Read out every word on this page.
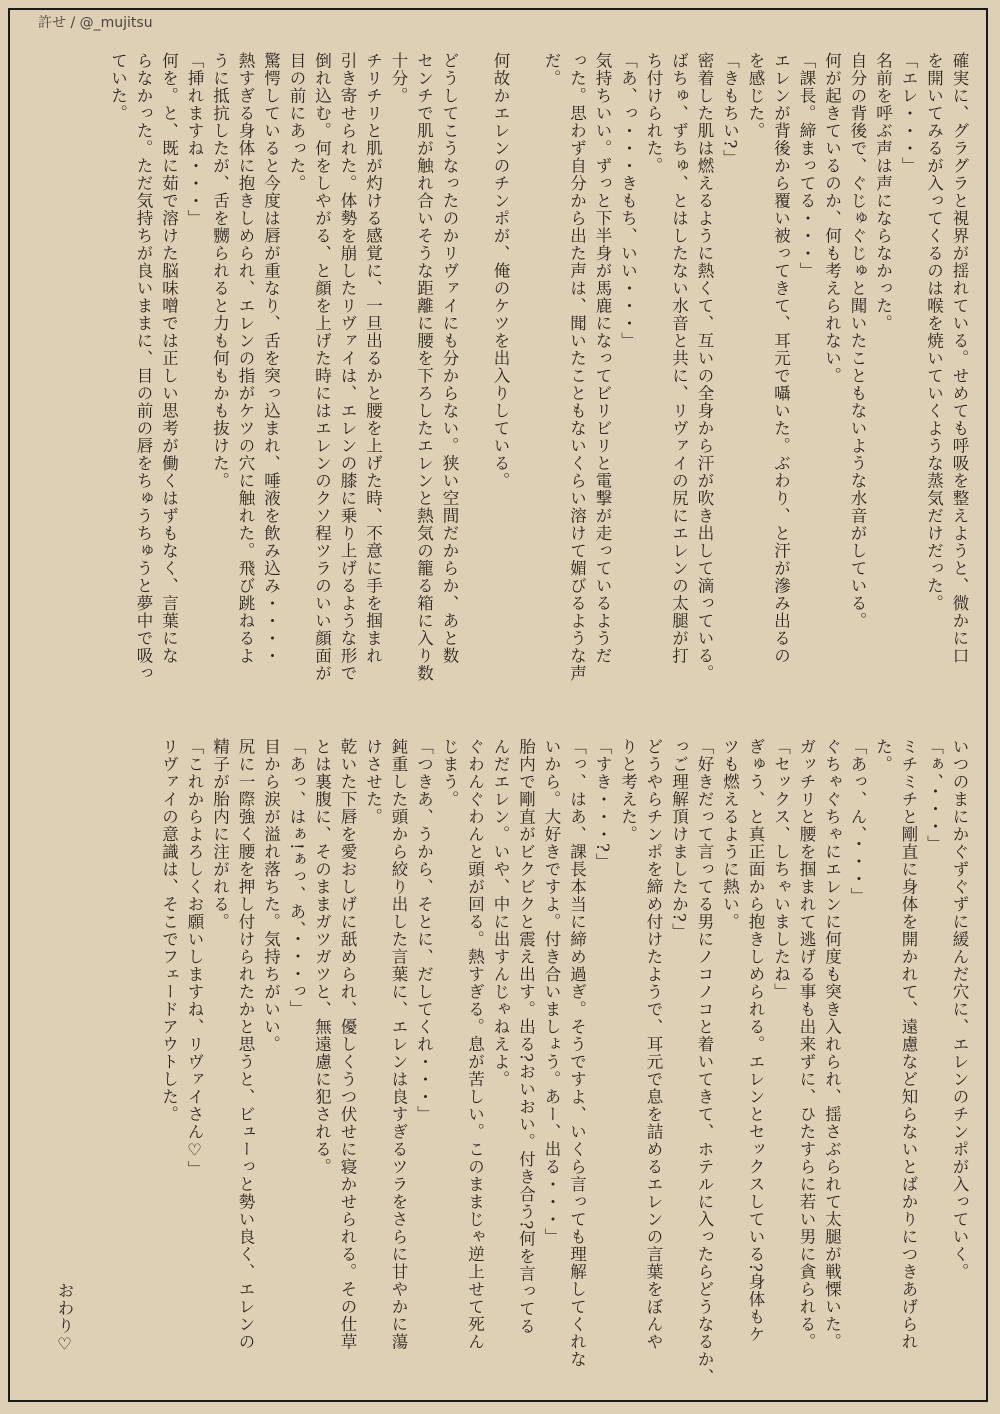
許せ / @_mujitsu

確実に、グラグラと視界が揺れている。せめても呼吸を整えようと、微かに口

を開いてみるが入ってくるのは喉を焼いていくような蒸気だけだった。

「エレ・・・」

名前を呼ぶ声は声にならなかった。

自分の背後で、ぐじゅぐじゅと聞いたこともないような水音がしている。

何が起きているのか、何も考えられない。

「課長。締まってる・・・」

エレンが背後から覆い被ってきて、耳元で囁いた。ぶわり、と汗が滲み出るの

を感じた。

「きもちい?」

密着した肌は燃えるように熱くて、互いの全身から汗が吹き出して滴っている。

ばちゅ、ずちゅ、とはしたない水音と共に、リヴァイの尻にエレンの太腿が打

ち付けられた。

「あ、っ・・・きもち、いい・・・」

気持ちいい。ずっと下半身が馬鹿になってビリビリと電撃が走っているようだ

った。思わず自分から出た声は、聞いたこともないくらい溶けて媚びるような声

だ。

何故かエレンのチンポが、俺のケツを出入りしている。

どうしてこうなったのかリヴァイにも分からない。狭い空間だからか、あと数

センチで肌が触れ合いそうな距離に腰を下ろしたエレンと熱気の籠る箱に入り数

十分。

チリチリと肌が灼ける感覚に、一旦出るかと腰を上げた時、不意に手を掴まれ

引き寄せられた。体勢を崩したリヴァイは、エレンの膝に乗り上げるような形で

倒れ込む。何をしやがる、と顔を上げた時にはエレンのクソ程ツラのいい顔面が

目の前にあった。

驚愕していると今度は唇が重なり、舌を突っ込まれ、唾液を飲み込み・・・・

熱すぎる身体に抱きしめられ、エレンの指がケツの穴に触れた。飛び跳ねるよ

うに抵抗したが、舌を嬲られると力も何もかも抜けた。

「挿れますね・・・」

何を。と、既に茹で溶けた脳味噌では正しい思考が働くはずもなく、言葉にな

らなかった。ただ気持ちが良いままに、目の前の唇をちゅうちゅうと夢中で吸っ

ていた。

いつのまにかぐずぐずに緩んだ穴に、エレンのチンポが入っていく。

「ぁ、・・・」

ミチミチと剛直に身体を開かれて、遠慮など知らないとばかりにつきあげられ

た。

「あっ、ん、・・・」

ぐちゃぐちゃにエレンに何度も突き入れられ、揺さぶられて太腿が戦慄いた。

ガッチリと腰を掴まれて逃げる事も出来ずに、ひたすらに若い男に貪られる。

「セックス、しちゃいましたね」

ぎゅう、と真正面から抱きしめられる。エレンとセックスしている?身体もケ

ツも燃えるように熱い。

「好きだって言ってる男にノコノコと着いてきて、ホテルに入ったらどうなるか、

っご理解頂けましたか?」

どうやらチンポを締め付けたようで、耳元で息を詰めるエレンの言葉をぼんや

りと考えた。

「すき・・・?」

「っ、はあ、課長本当に締め過ぎ。そうですよ、いくら言っても理解してくれな

いから。大好きですよ。付き合いましょう。あー、出る・・・」

胎内で剛直がビクビクと震え出す。出る?おいおい。付き合う?何を言ってる

んだエレン。いや、中に出すんじゃねえよ。

ぐわんぐわんと頭が回る。熱すぎる。息が苦しい。このままじゃ逆上せて死ん

じまう。

「つきあ、うから、そとに、だしてくれ・・・」

鈍重した頭から絞り出した言葉に、エレンは良すぎるツラをさらに甘やかに蕩

けさせた。

乾いた下唇を愛おしげに舐められ、優しくうつ伏せに寝かせられる。その仕草

とは裏腹に、そのままガツガツと、無遠慮に犯される。

「あっ、はぁ!ぁっ、あ、・・・っ」

目から涙が溢れ落ちた。気持ちがいい。

尻に一際強く腰を押し付けられたかと思うと、ビューっと勢い良く、エレンの

精子が胎内に注がれる。

「これからよろしくお願いしますね、リヴァイさん♡」

リヴァイの意識は、そこでフェードアウトした。

おわり♡
